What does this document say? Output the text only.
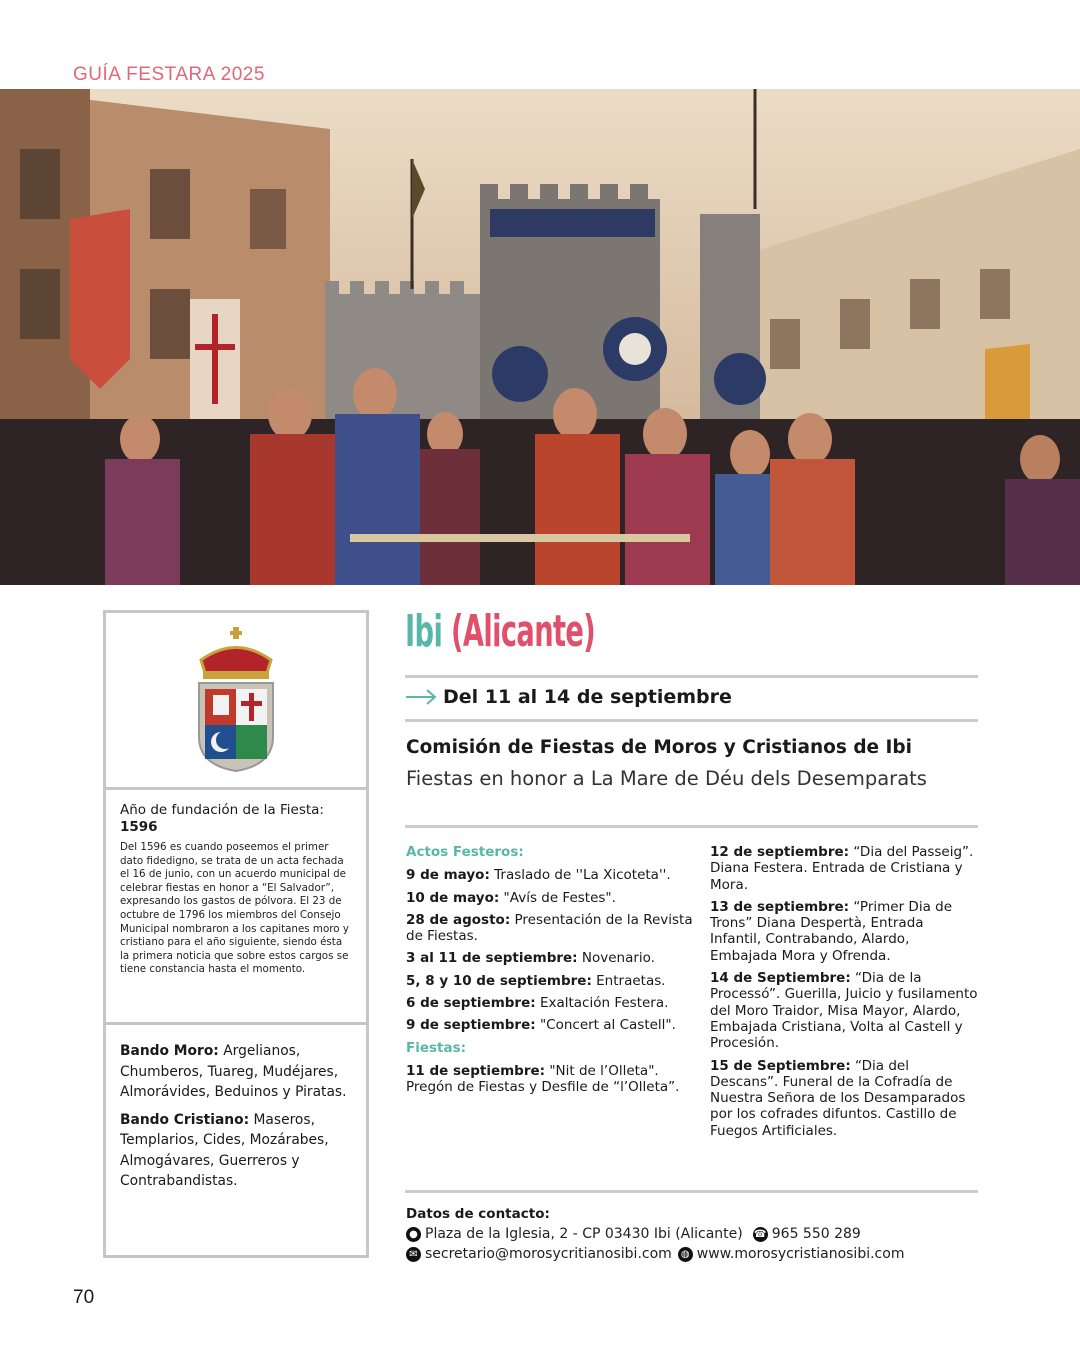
GUÍA FESTARA 2025
Año de fundación de la Fiesta: 1596
Del 1596 es cuando poseemos el primer dato fidedigno, se trata de un acta fechada el 16 de junio, con un acuerdo municipal de celebrar fiestas en honor a “El Salvador”, expresando los gastos de pólvora. El 23 de octubre de 1796 los miembros del Consejo Municipal nombraron a los capitanes moro y cristiano para el año siguiente, siendo ésta la primera noticia que sobre estos cargos se tiene constancia hasta el momento.

Bando Moro: Argelianos, Chumberos, Tuareg, Mudéjares, Almorávides, Beduinos y Piratas.

Bando Cristiano: Maseros, Templarios, Cides, Mozárabes, Almogávares, Guerreros y Contrabandistas.

Ibi (Alicante)
Del 11 al 14 de septiembre
Comisión de Fiestas de Moros y Cristianos de Ibi
Fiestas en honor a La Mare de Déu dels Desemparats
Actos Festeros:
9 de mayo: Traslado de ''La Xicoteta''.
10 de mayo: "Avís de Festes".
28 de agosto: Presentación de la Revista de Fiestas.
3 al 11 de septiembre: Novenario.
5, 8 y 10 de septiembre: Entraetas.
6 de septiembre: Exaltación Festera.
9 de septiembre: "Concert al Castell".
Fiestas:
11 de septiembre: "Nit de l’Olleta". Pregón de Fiestas y Desfile de “l’Olleta”.
12 de septiembre: “Dia del Passeig”. Diana Festera. Entrada de Cristiana y Mora.
13 de septiembre: “Primer Dia de Trons” Diana Despertà, Entrada Infantil, Contrabando, Alardo, Embajada Mora y Ofrenda.
14 de Septiembre: “Dia de la Processó”. Guerilla, Juicio y fusilamento del Moro Traidor, Misa Mayor, Alardo, Embajada Cristiana, Volta al Castell y Procesión.
15 de Septiembre: “Dia del Descans”. Funeral de la Cofradía de Nuestra Señora de los Desamparados por los cofrades difuntos. Castillo de Fuegos Artificiales.
Datos de contacto:
● Plaza de la Iglesia, 2 - CP 03430 Ibi (Alicante) ☎ 965 550 289
✉ secretario@morosycritianosibi.com ◍ www.morosycristianosibi.com
70
